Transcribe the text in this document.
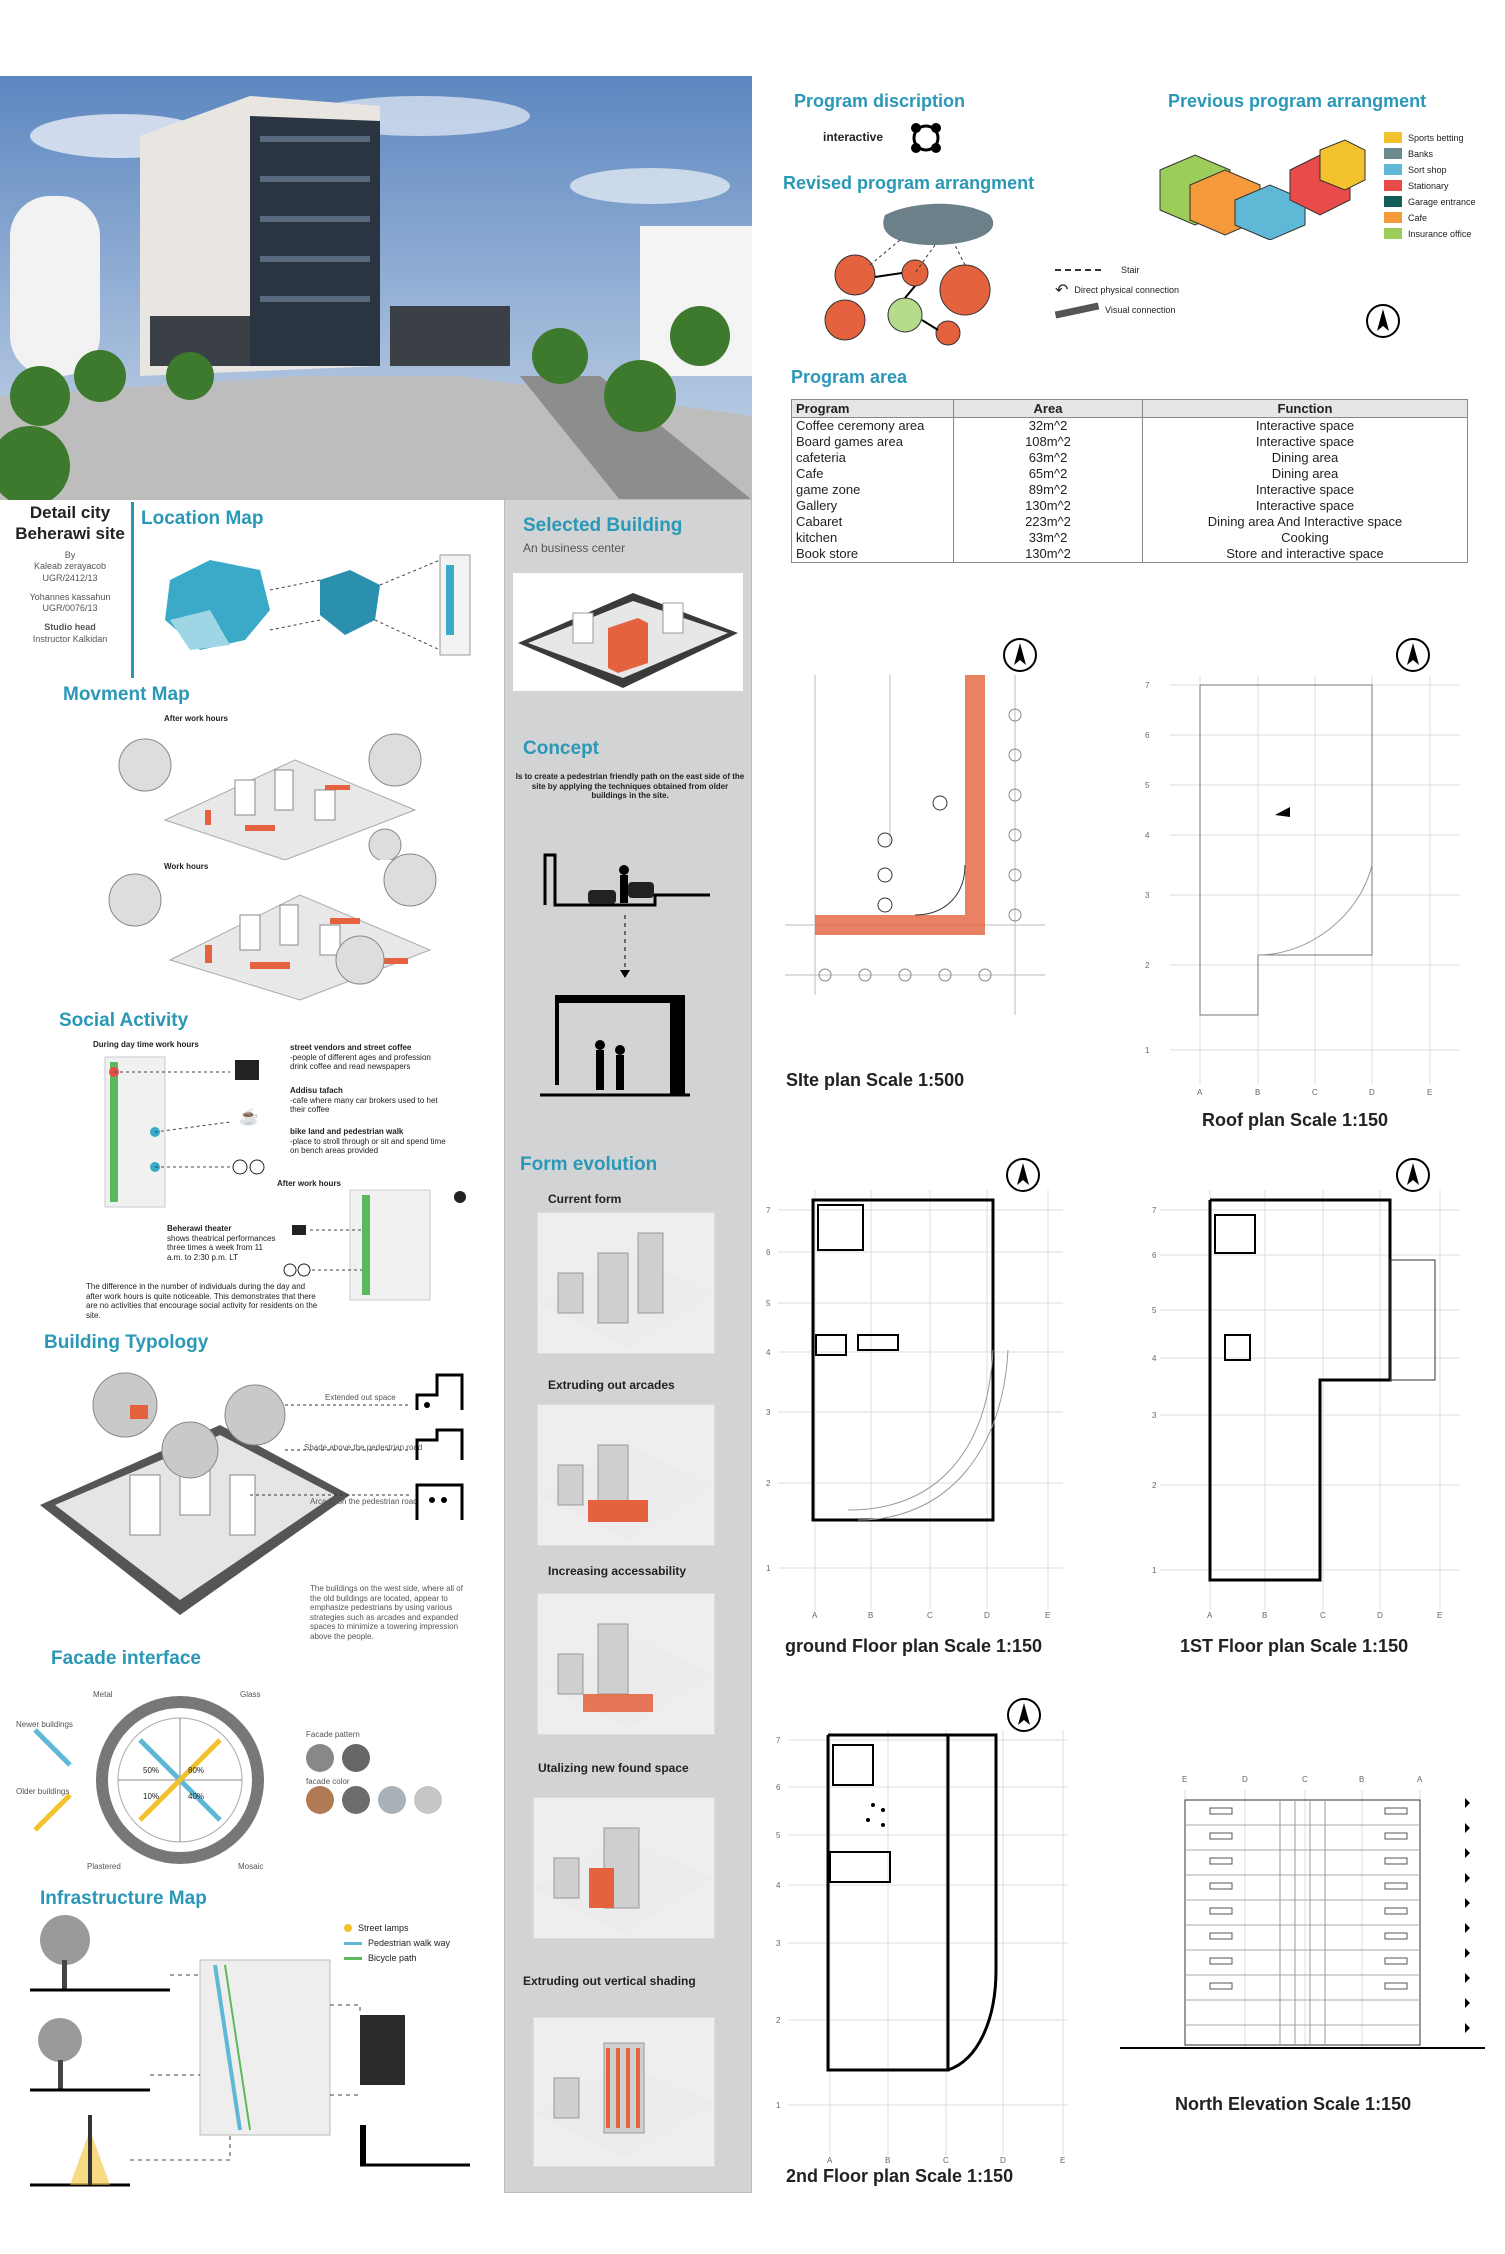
Detail city Beherawi site
By
Kaleab zerayacob
UGR/2412/13
Yohannes kassahun
UGR/0076/13
Studio head
Instructor Kalkidan
Location Map
Movment Map
After work hours
Work hours
Social Activity
During day time work hours
☕
street vendors and street coffee
-people of different ages and profession drink coffee and read newspapers
Addisu tafach
-cafe where many car brokers used to het their coffee
bike land and pedestrian walk
-place to stroll through or sit and spend time on bench areas provided
After work hours
Beherawi theater
shows theatrical performances three times a week from 11 a.m. to 2:30 p.m. LT
The difference in the number of individuals during the day and after work hours is quite noticeable. This demonstrates that there are no activities that encourage social activity for residents on the site.
Building Typology
Extended out space
Shade above the pedestrian road
Arcade on the pedestrian road
The buildings on the west side, where all of the old buildings are located, appear to emphasize pedestrians by using various strategies such as arcades and expanded spaces to minimize a towering impression above the people.
Facade interface
Newer buildings
Older buildings
Metal	Glass
Plastered	Mosaic
50%	80%
10%	40%
Facade pattern
facade color
Infrastructure Map
Street lamps
Pedestrian walk way
Bicycle path
Selected Building
An business center
Concept
Is to create a pedestrian friendly path on the east side of the site by applying the techniques obtained from older buildings in the site.
Form evolution
Current form
Extruding out arcades
Increasing accessability
Utalizing new found space
Extruding out vertical shading
Program discription
interactive
Revised program arrangment
Stair
↶ Direct physical connection
Visual connection
Previous program arrangment
Sports betting
Banks
Sort shop
Stationary
Garage entrance
Cafe
Insurance office
Program area
Program	Area	Function
Coffee ceremony area	32m^2	Interactive space
Board games area	108m^2	Interactive space
cafeteria	63m^2	Dining area
Cafe	65m^2	Dining area
game zone	89m^2	Interactive space
Gallery	130m^2	Interactive space
Cabaret	223m^2	Dining area And Interactive space
kitchen	33m^2	Cooking
Book store	130m^2	Store and interactive space
SIte plan Scale 1:500
7
6
5
4
3
2
1
A	B	C	D	E
Roof plan Scale 1:150
7
6
5
4
3
2
1
A	B	C	D	E
ground Floor plan Scale 1:150
7
6
5
4
3
2
1
A	B	C	D	E
1ST Floor plan Scale 1:150
7
6
5
4
3
2
1
A	B	C	D	E
2nd Floor plan Scale 1:150
E	D	C	B	A
North Elevation Scale 1:150
